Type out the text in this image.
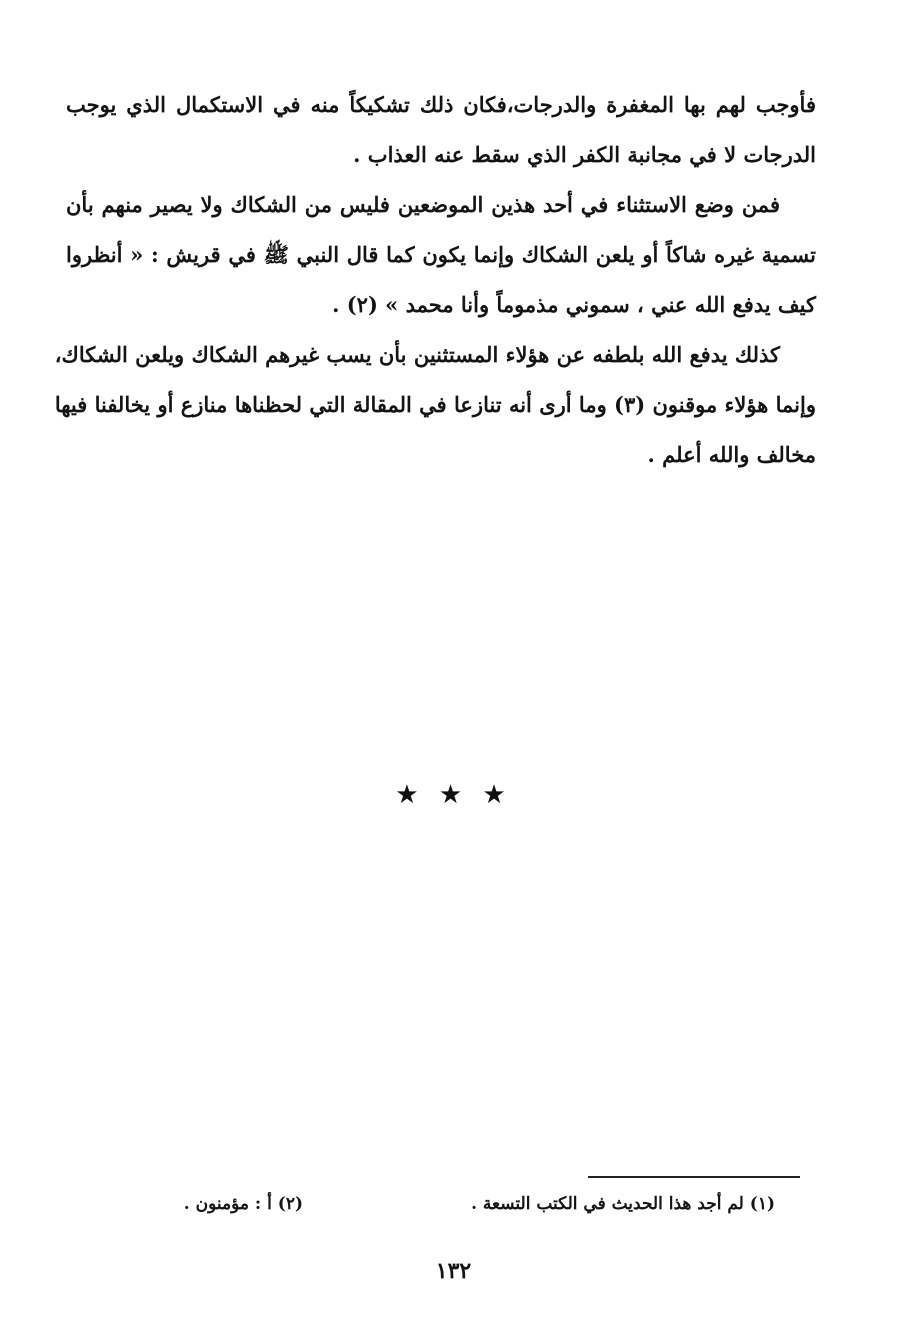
فأوجب لهم بها المغفرة والدرجات،فكان ذلك تشكيكاً منه في الاستكمال الذي يوجب
الدرجات لا في مجانبة الكفر الذي سقط عنه العذاب .

فمن وضع الاستثناء في أحد هذين الموضعين فليس من الشكاك ولا يصير منهم بأن
تسمية غيره شاكاً أو يلعن الشكاك وإنما يكون كما قال النبي ﷺ في قريش : « أنظروا
كيف يدفع الله عني ، سموني مذموماً وأنا محمد » (٢) .

كذلك يدفع الله بلطفه عن هؤلاء المستثنين بأن يسب غيرهم الشكاك ويلعن الشكاك،
وإنما هؤلاء موقنون (٣) وما أرى أنه تنازعا في المقالة التي لحظناها منازع أو يخالفنا فيها
مخالف والله أعلم .

★ ★ ★
(١) لم أجد هذا الحديث في الكتب التسعة .
(٢) أ : مؤمنون .
١٣٢
